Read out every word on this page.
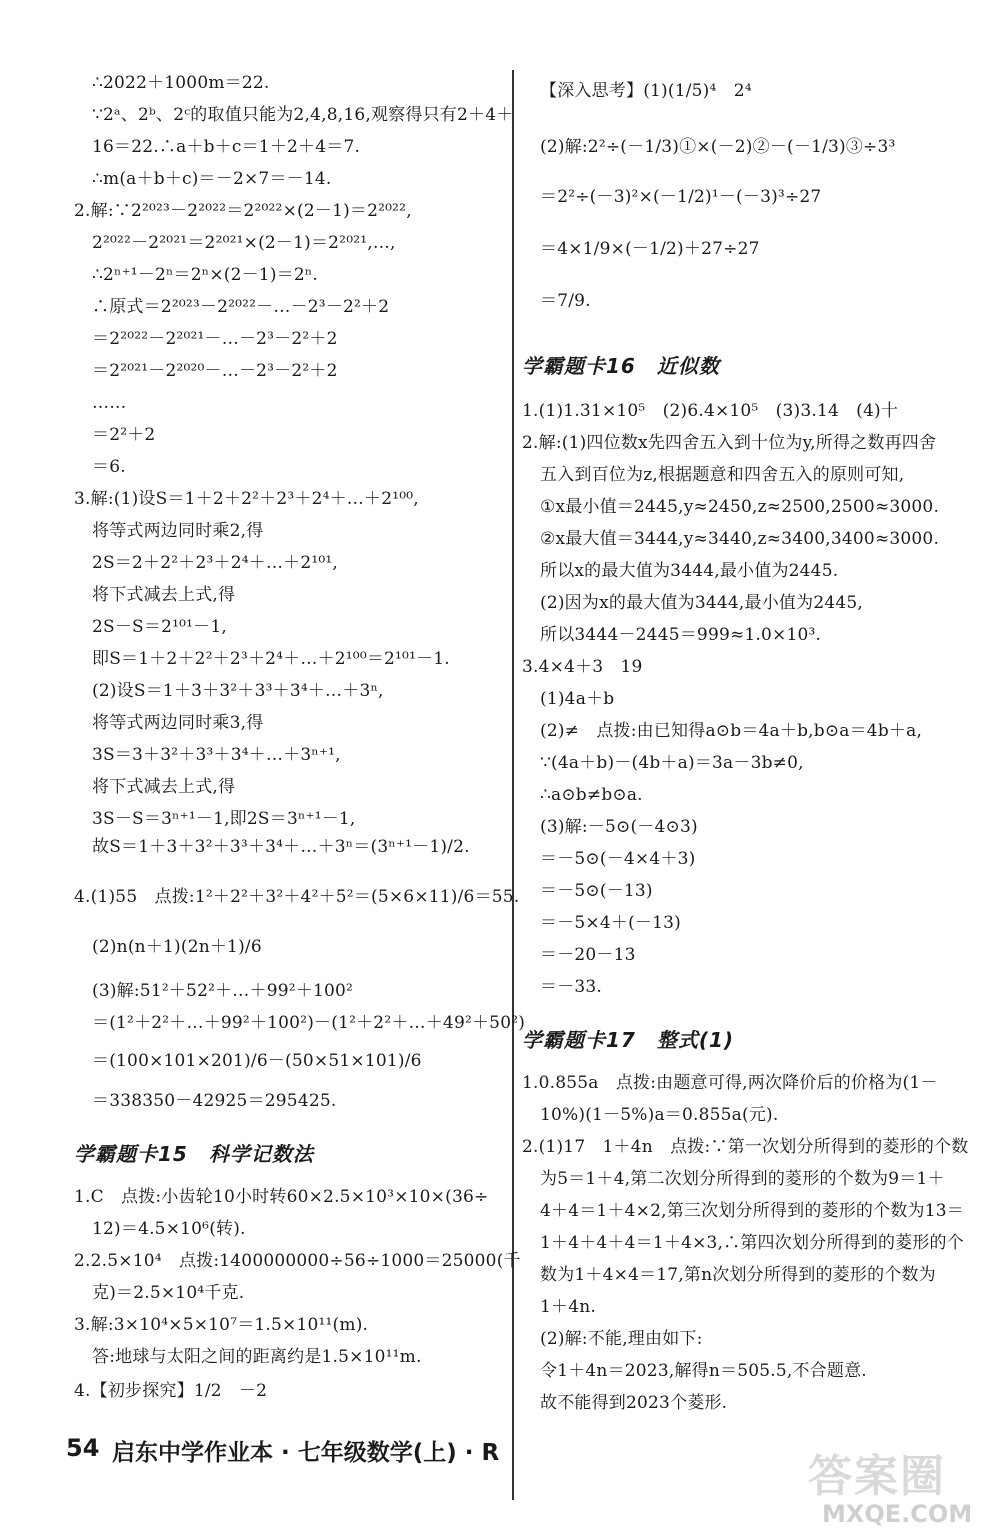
∴2022＋1000m＝22.
∵2ᵃ、2ᵇ、2ᶜ的取值只能为2,4,8,16,观察得只有2＋4＋
16＝22.∴a＋b＋c＝1＋2＋4＝7.
∴m(a＋b＋c)＝－2×7＝－14.
2.解:∵2²⁰²³－2²⁰²²＝2²⁰²²×(2－1)＝2²⁰²²,
2²⁰²²－2²⁰²¹＝2²⁰²¹×(2－1)＝2²⁰²¹,…,
∴2ⁿ⁺¹－2ⁿ＝2ⁿ×(2－1)＝2ⁿ.
∴原式＝2²⁰²³－2²⁰²²－…－2³－2²＋2
＝2²⁰²²－2²⁰²¹－…－2³－2²＋2
＝2²⁰²¹－2²⁰²⁰－…－2³－2²＋2
……
＝2²＋2
＝6.
3.解:(1)设S＝1＋2＋2²＋2³＋2⁴＋…＋2¹⁰⁰,
将等式两边同时乘2,得
2S＝2＋2²＋2³＋2⁴＋…＋2¹⁰¹,
将下式减去上式,得
2S－S＝2¹⁰¹－1,
即S＝1＋2＋2²＋2³＋2⁴＋…＋2¹⁰⁰＝2¹⁰¹－1.
(2)设S＝1＋3＋3²＋3³＋3⁴＋…＋3ⁿ,
将等式两边同时乘3,得
3S＝3＋3²＋3³＋3⁴＋…＋3ⁿ⁺¹,
将下式减去上式,得
3S－S＝3ⁿ⁺¹－1,即2S＝3ⁿ⁺¹－1,
故S＝1＋3＋3²＋3³＋3⁴＋…＋3ⁿ＝(3ⁿ⁺¹－1)/2.
4.(1)55　点拨:1²＋2²＋3²＋4²＋5²＝(5×6×11)/6＝55.
(2)n(n＋1)(2n＋1)/6
(3)解:51²＋52²＋…＋99²＋100²
＝(1²＋2²＋…＋99²＋100²)－(1²＋2²＋…＋49²＋50²)
＝(100×101×201)/6－(50×51×101)/6
＝338350－42925＝295425.
学霸题卡15　科学记数法
1.C　点拨:小齿轮10小时转60×2.5×10³×10×(36÷
12)＝4.5×10⁶(转).
2.2.5×10⁴　点拨:1400000000÷56÷1000＝25000(千
克)＝2.5×10⁴千克.
3.解:3×10⁴×5×10⁷＝1.5×10¹¹(m).
答:地球与太阳之间的距离约是1.5×10¹¹m.
4.【初步探究】1/2　－2
【深入思考】(1)(1/5)⁴　2⁴
(2)解:2²÷(－1/3)①×(－2)②－(－1/3)③÷3³
＝2²÷(－3)²×(－1/2)¹－(－3)³÷27
＝4×1/9×(－1/2)＋27÷27
＝7/9.
学霸题卡16　近似数
1.(1)1.31×10⁵　(2)6.4×10⁵　(3)3.14　(4)十
2.解:(1)四位数x先四舍五入到十位为y,所得之数再四舍
五入到百位为z,根据题意和四舍五入的原则可知,
①x最小值＝2445,y≈2450,z≈2500,2500≈3000.
②x最大值＝3444,y≈3440,z≈3400,3400≈3000.
所以x的最大值为3444,最小值为2445.
(2)因为x的最大值为3444,最小值为2445,
所以3444－2445＝999≈1.0×10³.
3.4×4＋3　19
(1)4a＋b
(2)≠　点拨:由已知得a⊙b＝4a＋b,b⊙a＝4b＋a,
∵(4a＋b)－(4b＋a)＝3a－3b≠0,
∴a⊙b≠b⊙a.
(3)解:－5⊙(－4⊙3)
＝－5⊙(－4×4＋3)
＝－5⊙(－13)
＝－5×4＋(－13)
＝－20－13
＝－33.
学霸题卡17　整式(1)
1.0.855a　点拨:由题意可得,两次降价后的价格为(1－
10%)(1－5%)a＝0.855a(元).
2.(1)17　1＋4n　点拨:∵第一次划分所得到的菱形的个数
为5＝1＋4,第二次划分所得到的菱形的个数为9＝1＋
4＋4＝1＋4×2,第三次划分所得到的菱形的个数为13＝
1＋4＋4＋4＝1＋4×3,∴第四次划分所得到的菱形的个
数为1＋4×4＝17,第n次划分所得到的菱形的个数为
1＋4n.
(2)解:不能,理由如下:
令1＋4n＝2023,解得n＝505.5,不合题意.
故不能得到2023个菱形.
54 启东中学作业本 · 七年级数学(上) · R	答案圈
MXQE.COM
